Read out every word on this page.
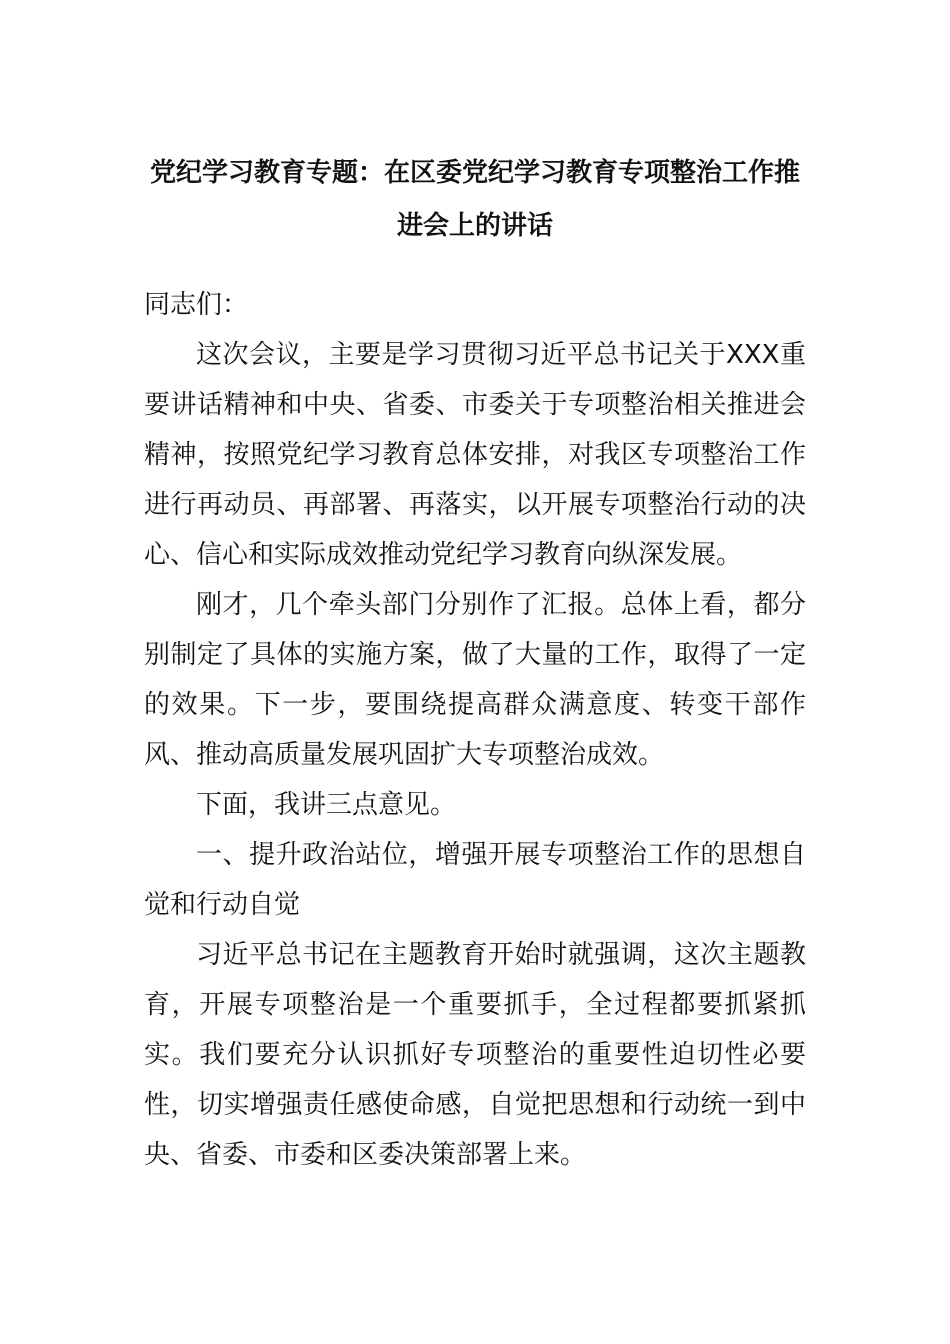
党纪学习教育专题：在区委党纪学习教育专项整治工作推
进会上的讲话

同志们：

这次会议，主要是学习贯彻习近平总书记关于XXX重要讲话精神和中央、省委、市委关于专项整治相关推进会精神，按照党纪学习教育总体安排，对我区专项整治工作进行再动员、再部署、再落实，以开展专项整治行动的决心、信心和实际成效推动党纪学习教育向纵深发展。

刚才，几个牵头部门分别作了汇报。总体上看，都分别制定了具体的实施方案，做了大量的工作，取得了一定的效果。下一步，要围绕提高群众满意度、转变干部作风、推动高质量发展巩固扩大专项整治成效。

下面，我讲三点意见。

一、提升政治站位，增强开展专项整治工作的思想自觉和行动自觉

习近平总书记在主题教育开始时就强调，这次主题教育，开展专项整治是一个重要抓手，全过程都要抓紧抓实。我们要充分认识抓好专项整治的重要性迫切性必要性，切实增强责任感使命感，自觉把思想和行动统一到中央、省委、市委和区委决策部署上来。
